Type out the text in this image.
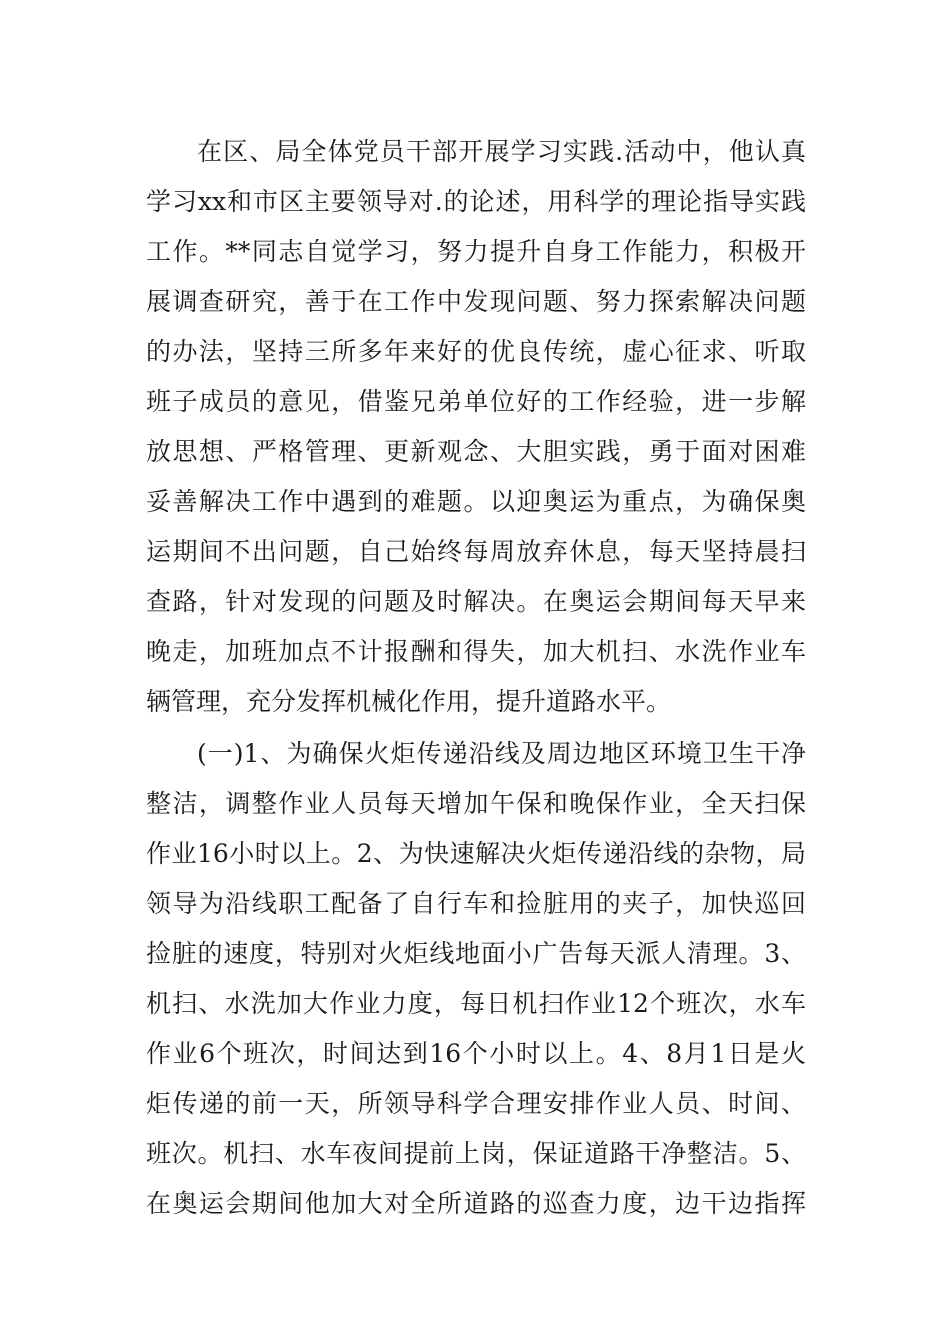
在区、局全体党员干部开展学习实践.活动中，他认真
学习xx和市区主要领导对.的论述，用科学的理论指导实践
工作。**同志自觉学习，努力提升自身工作能力，积极开
展调查研究，善于在工作中发现问题、努力探索解决问题
的办法，坚持三所多年来好的优良传统，虚心征求、听取
班子成员的意见，借鉴兄弟单位好的工作经验，进一步解
放思想、严格管理、更新观念、大胆实践，勇于面对困难
妥善解决工作中遇到的难题。以迎奥运为重点，为确保奥
运期间不出问题，自己始终每周放弃休息，每天坚持晨扫
查路，针对发现的问题及时解决。在奥运会期间每天早来
晚走，加班加点不计报酬和得失，加大机扫、水洗作业车
辆管理，充分发挥机械化作用，提升道路水平。
(一)1、为确保火炬传递沿线及周边地区环境卫生干净
整洁，调整作业人员每天增加午保和晚保作业，全天扫保
作业16小时以上。2、为快速解决火炬传递沿线的杂物，局
领导为沿线职工配备了自行车和捡脏用的夹子，加快巡回
捡脏的速度，特别对火炬线地面小广告每天派人清理。3、
机扫、水洗加大作业力度，每日机扫作业12个班次，水车
作业6个班次，时间达到16个小时以上。4、8月1日是火
炬传递的前一天，所领导科学合理安排作业人员、时间、
班次。机扫、水车夜间提前上岗，保证道路干净整洁。5、
在奥运会期间他加大对全所道路的巡查力度，边干边指挥
